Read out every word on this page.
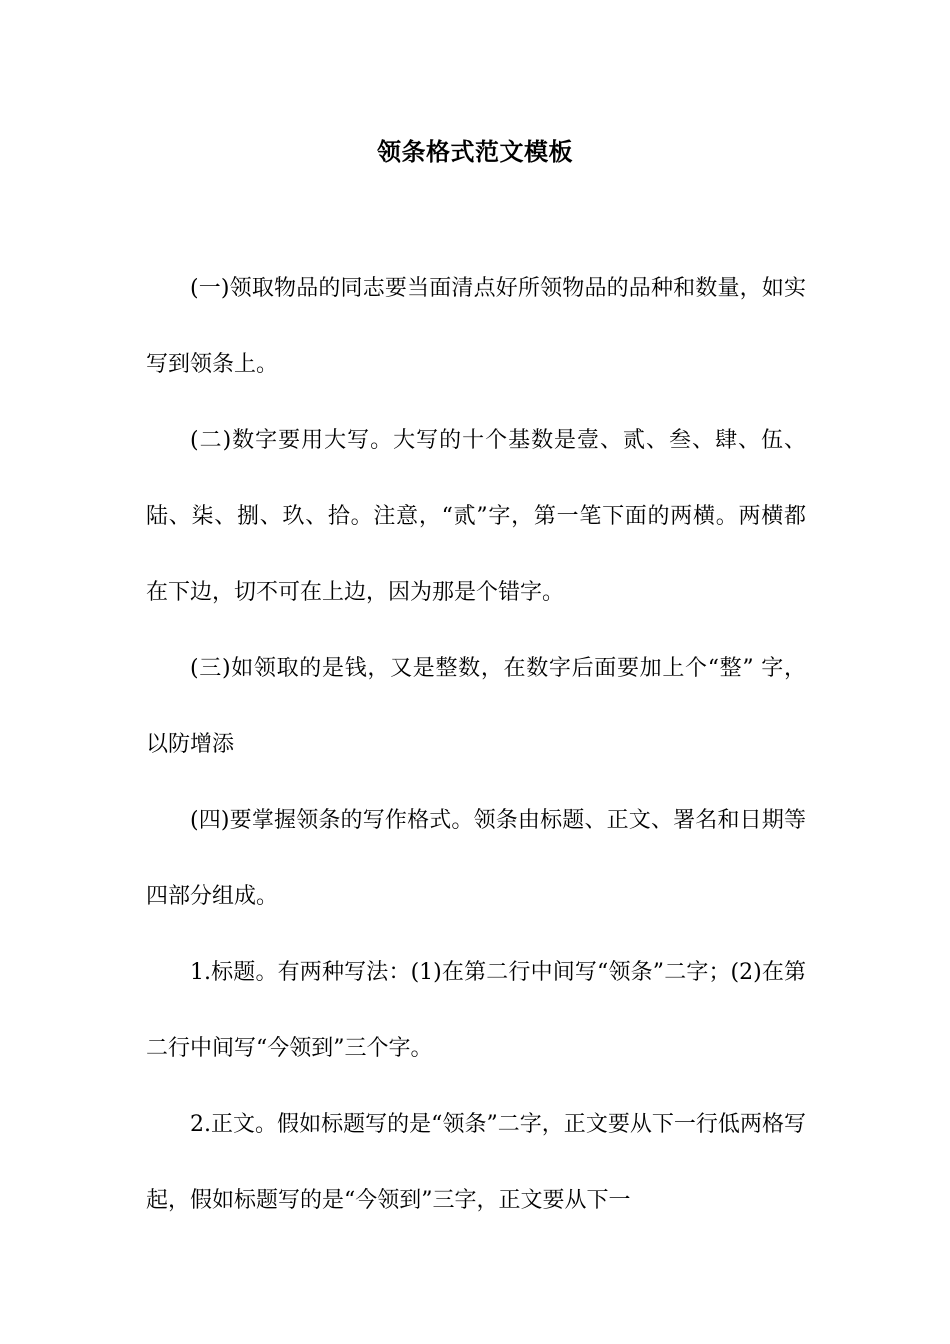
领条格式范文模板

(一)领取物品的同志要当面清点好所领物品的品种和数量，如实写到领条上。

(二)数字要用大写。大写的十个基数是壹、贰、叁、肆、伍、陆、柒、捌、玖、拾。注意，“贰”字，第一笔下面的两横。两横都在下边，切不可在上边，因为那是个错字。

(三)如领取的是钱，又是整数，在数字后面要加上个“整” 字，以防增添

(四)要掌握领条的写作格式。领条由标题、正文、署名和日期等四部分组成。

1.标题。有两种写法：(1)在第二行中间写“领条”二字；(2)在第二行中间写“今领到”三个字。

2.正文。假如标题写的是“领条”二字，正文要从下一行低两格写起，假如标题写的是“今领到”三字，正文要从下一
